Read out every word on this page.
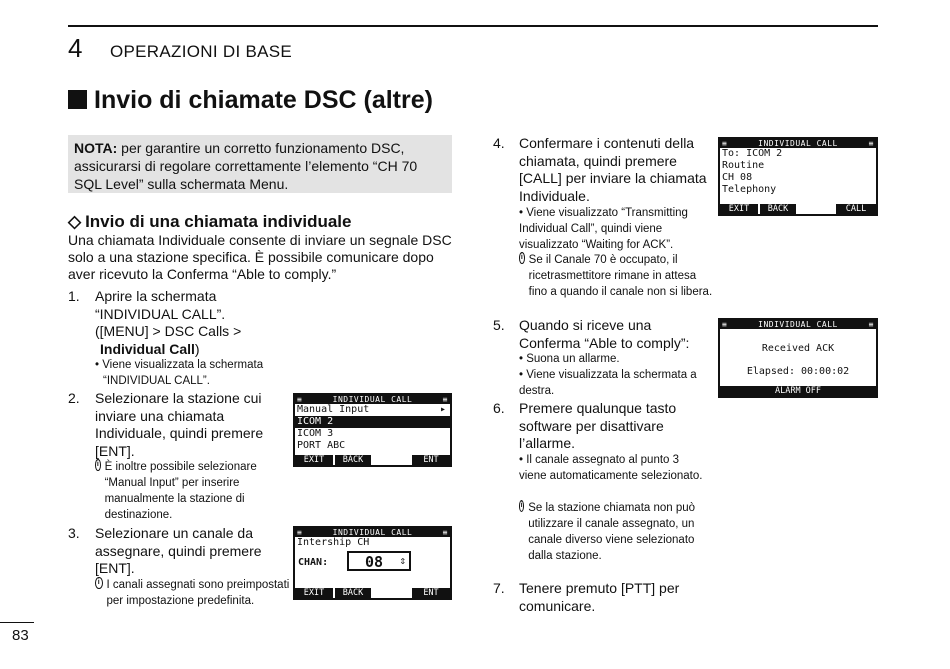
4 OPERAZIONI DI BASE
Invio di chiamate DSC (altre)
NOTA: per garantire un corretto funzionamento DSC, assicurarsi di regolare correttamente l’elemento “CH 70 SQL Level” sulla schermata Menu.
◇ Invio di una chiamata individuale
Una chiamata Individuale consente di inviare un segnale DSC solo a una stazione specifica. È possibile comunicare dopo aver ricevuto la Conferma “Able to comply.”
1. Aprire la schermata
“INDIVIDUAL CALL”.
([MENU] > DSC Calls >
Individual Call)
• Viene visualizzata la schermata
“INDIVIDUAL CALL”.
2. Selezionare la stazione cui inviare una chiamata Individuale, quindi premere [ENT].
i È inoltre possibile selezionare “Manual Input” per inserire manualmente la stazione di destinazione.
3. Selezionare un canale da assegnare, quindi premere [ENT].
i I canali assegnati sono preimpostati per impostazione predefinita.
≡	INDIVIDUAL CALL	≡
Manual Input	▸
ICOM 2
ICOM 3
PORT ABC
EXIT	BACK	ENT
≡	INDIVIDUAL CALL	≡
Intership CH
CHAN: 08 ⇕
EXIT	BACK	ENT
4. Confermare i contenuti della chiamata, quindi premere [CALL] per inviare la chiamata Individuale.
• Viene visualizzato “Transmitting Individual Call”, quindi viene visualizzato “Waiting for ACK”.
i Se il Canale 70 è occupato, il ricetrasmettitore rimane in attesa fino a quando il canale non si libera.
≡	INDIVIDUAL CALL	≡
To: ICOM 2
Routine
CH 08
Telephony
EXIT	BACK	CALL
5. Quando si riceve una Conferma “Able to comply”:
• Suona un allarme.
• Viene visualizzata la schermata a destra.
≡	INDIVIDUAL CALL	≡
Received ACK
Elapsed: 00:00:02
ALARM OFF
6. Premere qualunque tasto software per disattivare l’allarme.
• Il canale assegnato al punto 3 viene automaticamente selezionato.
i Se la stazione chiamata non può utilizzare il canale assegnato, un canale diverso viene selezionato dalla stazione.
7. Tenere premuto [PTT] per comunicare.
83
